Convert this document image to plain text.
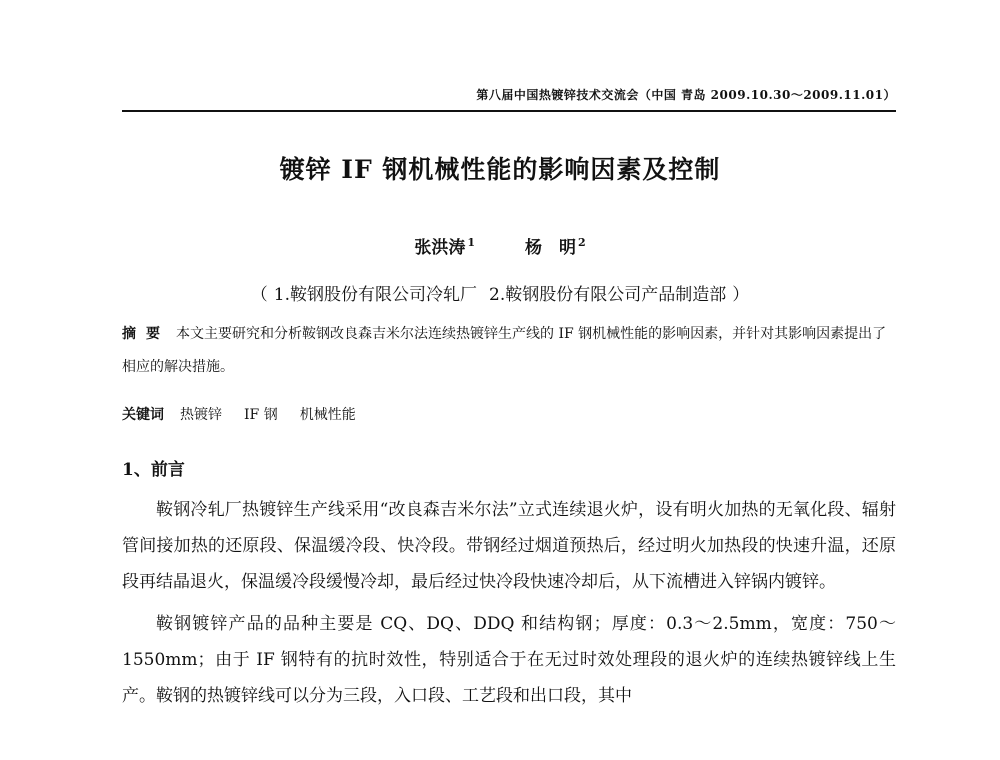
第八届中国热镀锌技术交流会（中国 青岛 2009.10.30～2009.11.01）
镀锌 IF 钢机械性能的影响因素及控制
张洪涛 $^1$	杨　明 $^2$
（ 1.鞍钢股份有限公司冷轧厂 2.鞍钢股份有限公司产品制造部 ）
摘要 本文主要研究和分析鞍钢改良森吉米尔法连续热镀锌生产线的 IF 钢机械性能的影响因素，并针对其影响因素提出了相应的解决措施。
关键词 热镀锌 IF 钢 机械性能
1、前言

鞍钢冷轧厂热镀锌生产线采用“改良森吉米尔法”立式连续退火炉，设有明火加热的无氧化段、辐射管间接加热的还原段、保温缓冷段、快冷段。带钢经过烟道预热后，经过明火加热段的快速升温，还原段再结晶退火，保温缓冷段缓慢冷却，最后经过快冷段快速冷却后，从下流槽进入锌锅内镀锌。

鞍钢镀锌产品的品种主要是 CQ、DQ、DDQ 和结构钢；厚度：0.3～2.5mm，宽度：750～1550mm；由于 IF 钢特有的抗时效性，特别适合于在无过时效处理段的退火炉的连续热镀锌线上生产。鞍钢的热镀锌线可以分为三段，入口段、工艺段和出口段，其中
